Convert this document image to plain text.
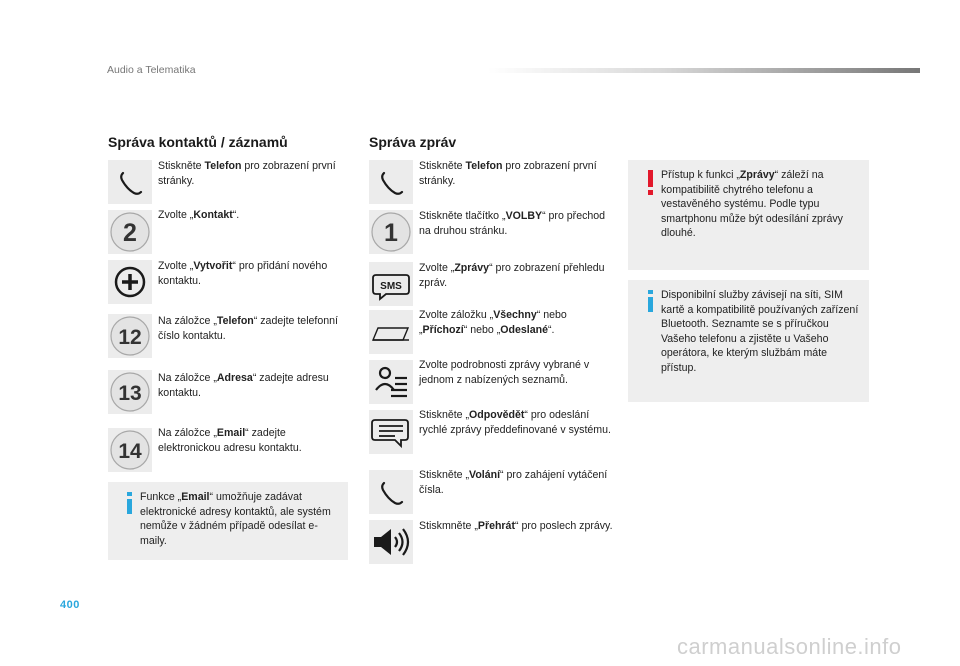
Audio a Telematika
400
Správa kontaktů / záznamů	Správa zpráv
Stiskněte Telefon pro zobrazení první stránky.
2
Zvolte „Kontakt“.
Zvolte „Vytvořit“ pro přidání nového kontaktu.
12
Na záložce „Telefon“ zadejte telefonní číslo kontaktu.
13
Na záložce „Adresa“ zadejte adresu kontaktu.
14
Na záložce „Email“ zadejte elektronickou adresu kontaktu.
Funkce „Email“ umožňuje zadávat elektronické adresy kontaktů, ale systém nemůže v žádném případě odesílat e-maily.
Stiskněte Telefon pro zobrazení první stránky.
1
Stiskněte tlačítko „VOLBY“ pro přechod na druhou stránku.
SMS
Zvolte „Zprávy“ pro zobrazení přehledu zpráv.
Zvolte záložku „Všechny“ nebo „Příchozí“ nebo „Odeslané“.
Zvolte podrobnosti zprávy vybrané v jednom z nabízených seznamů.
Stiskněte „Odpovědět“ pro odeslání rychlé zprávy předdefinované v systému.
Stiskněte „Volání“ pro zahájení vytáčení čísla.
Stiskmněte „Přehrát“ pro poslech zprávy.
Přístup k funkci „Zprávy“ záleží na kompatibilitě chytrého telefonu a vestavěného systému. Podle typu smartphonu může být odesílání zprávy dlouhé.
Disponibilní služby závisejí na síti, SIM kartě a kompatibilitě používaných zařízení Bluetooth. Seznamte se s příručkou Vašeho telefonu a zjistěte u Vašeho operátora, ke kterým službám máte přístup.
carmanualsonline.info
